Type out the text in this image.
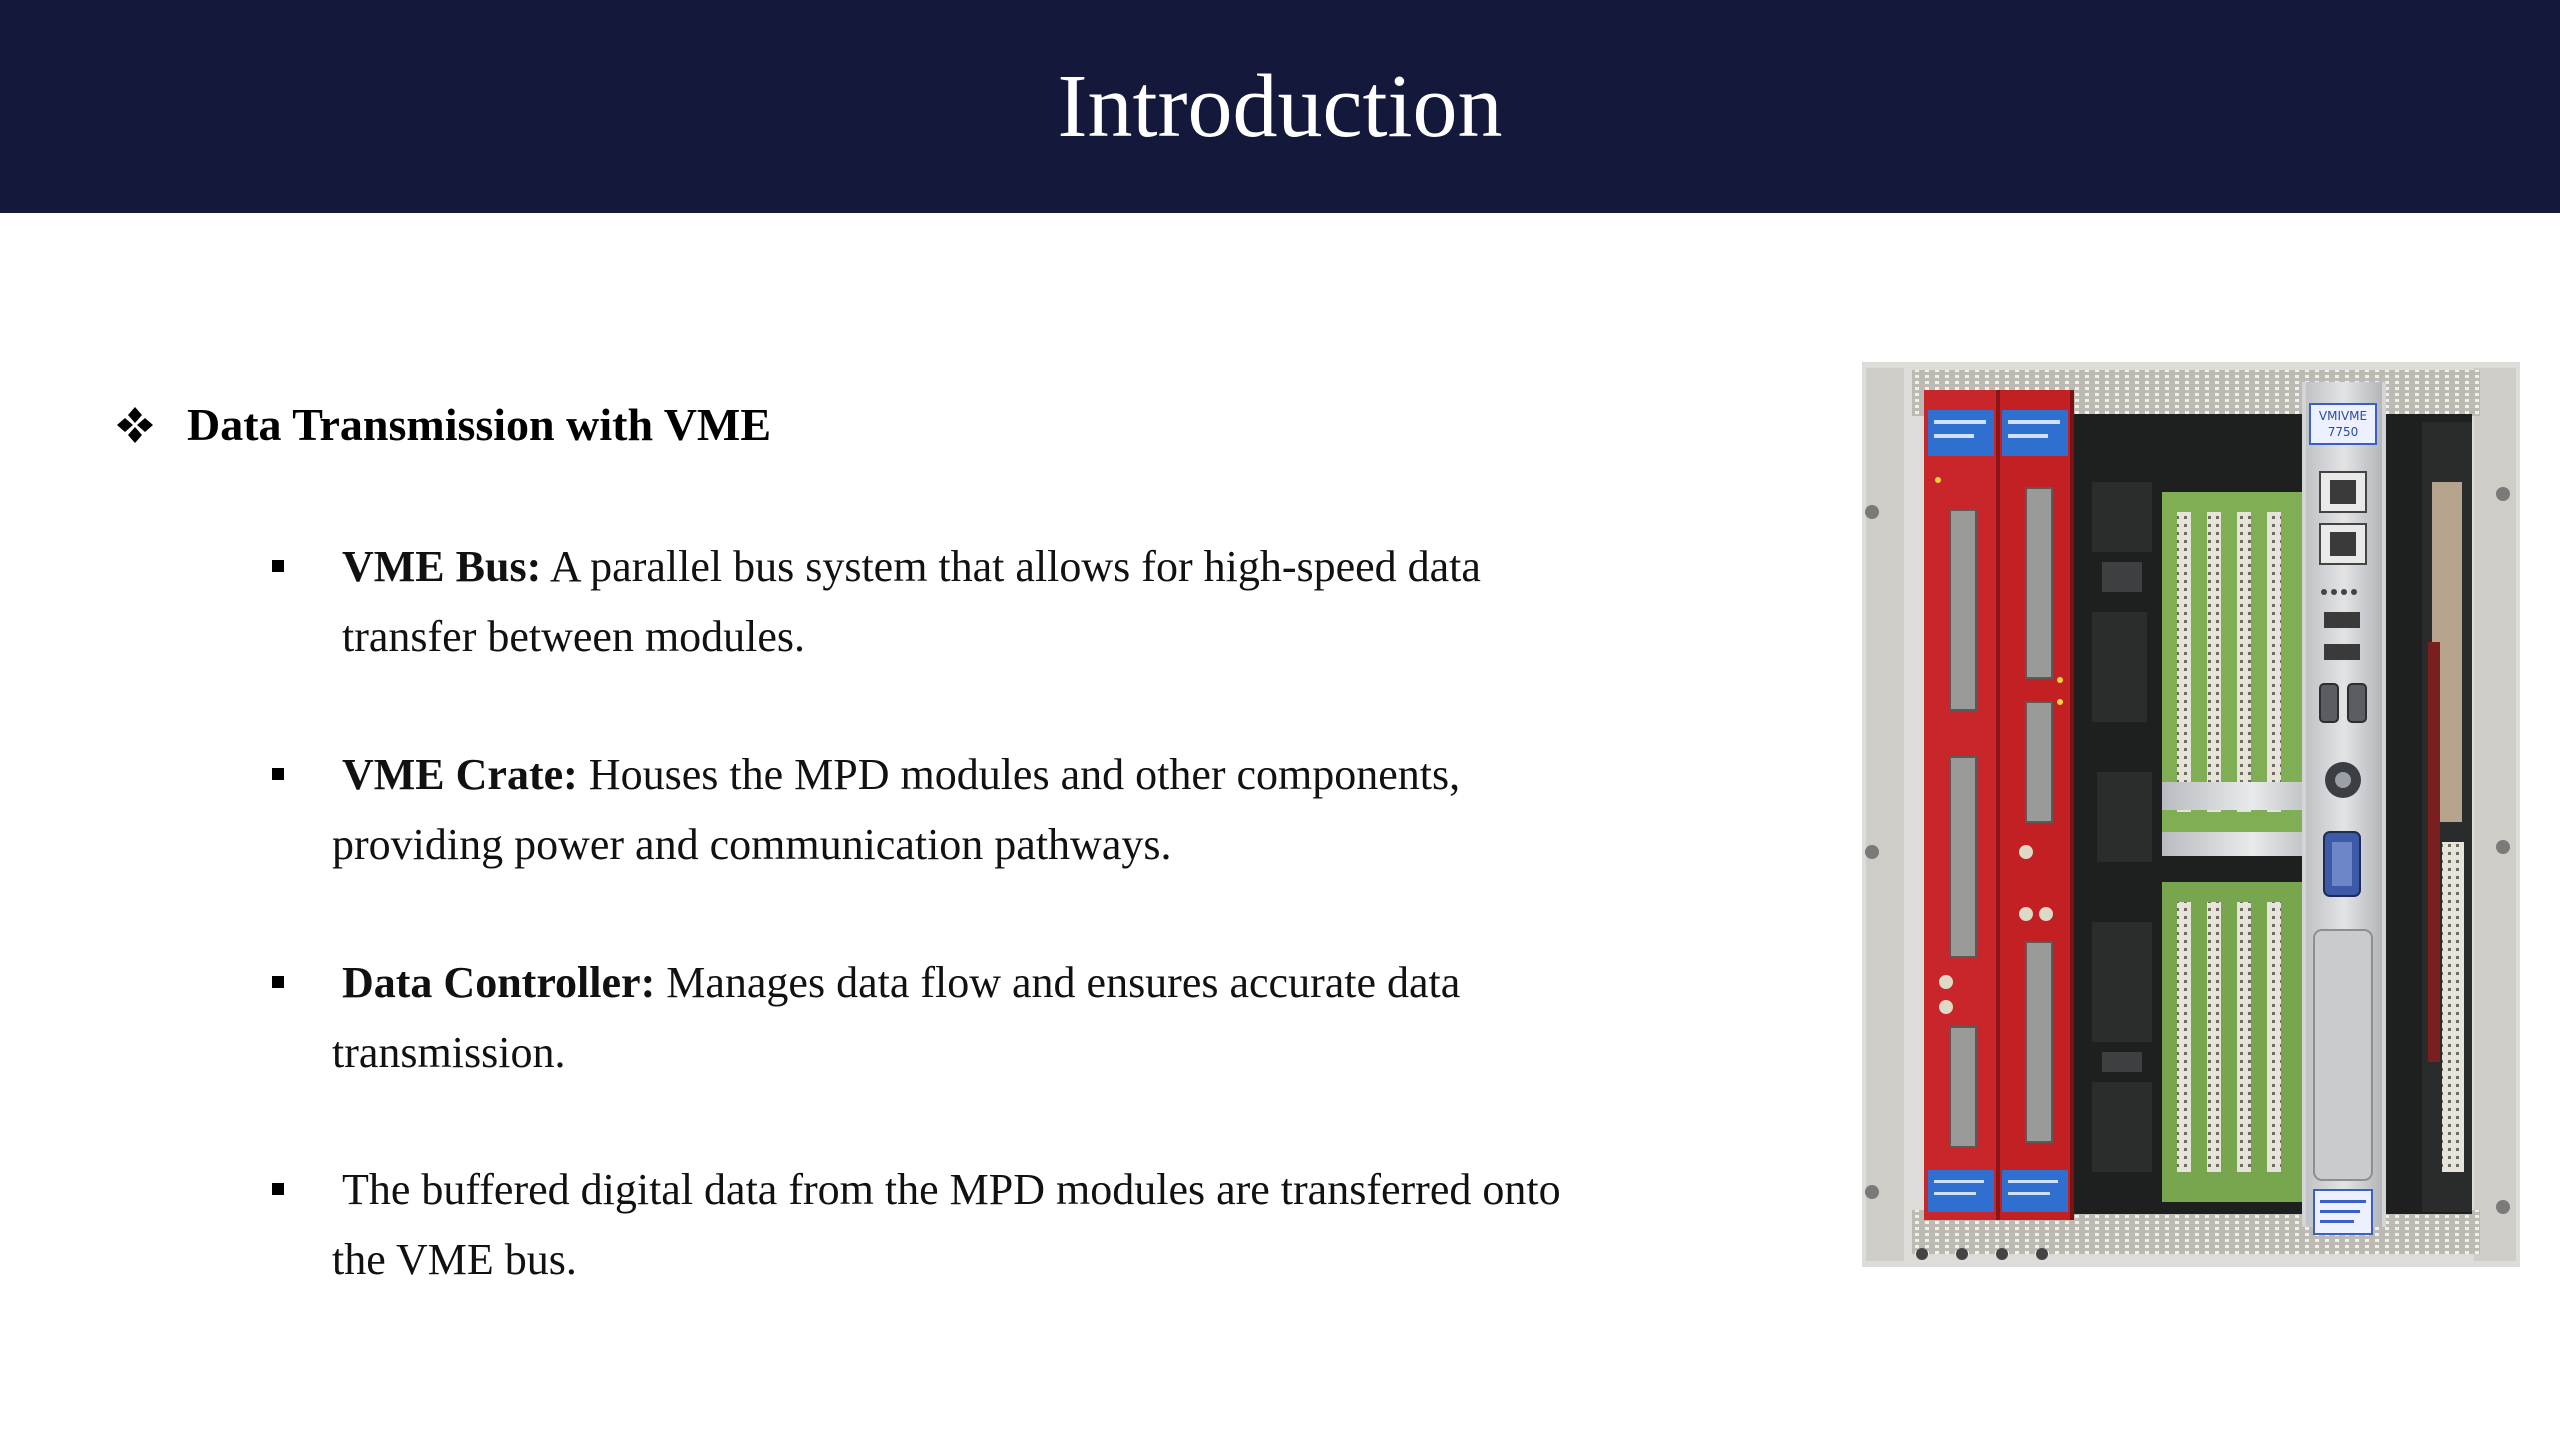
Introduction
Data Transmission with VME
VME Bus: A parallel bus system that allows for high-speed data
transfer between modules.
VME Crate: Houses the MPD modules and other components,
providing power and communication pathways.
Data Controller: Manages data flow and ensures accurate data
transmission.
The buffered digital data from the MPD modules are transferred onto
the VME bus.
VMIVME
7750
